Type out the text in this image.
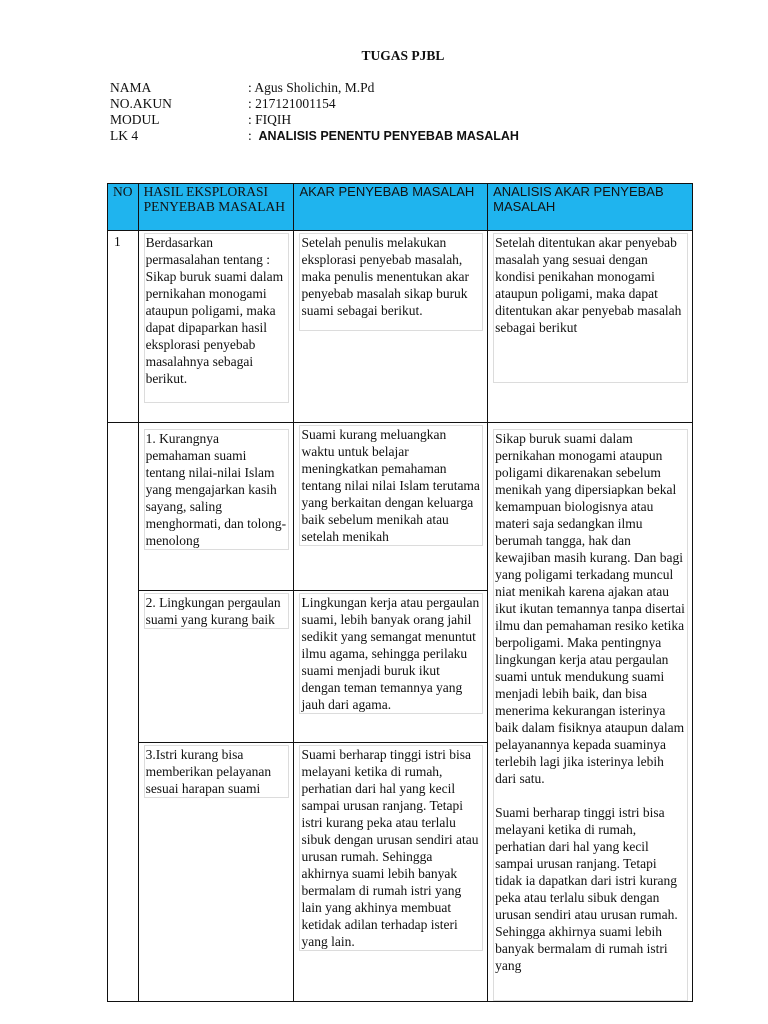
TUGAS PJBL
NAMA	: Agus Sholichin, M.Pd
NO.AKUN	: 217121001154
MODUL	: FIQIH
LK 4	: ANALISIS PENENTU PENYEBAB MASALAH
NO	HASIL EKSPLORASI PENYEBAB MASALAH	AKAR PENYEBAB MASALAH	ANALISIS AKAR PENYEBAB MASALAH

1	Berdasarkan permasalahan tentang : Sikap buruk suami dalam pernikahan monogami ataupun poligami, maka dapat dipaparkan hasil eksplorasi penyebab masalahnya sebagai berikut.	Setelah penulis melakukan eksplorasi penyebab masalah, maka penulis menentukan akar penyebab masalah sikap buruk suami sebagai berikut.	Setelah ditentukan akar penyebab masalah yang sesuai dengan kondisi penikahan monogami ataupun poligami, maka dapat ditentukan akar penyebab masalah sebagai berikut

	1. Kurangnya pemahaman suami tentang nilai-nilai Islam yang mengajarkan kasih sayang, saling menghormati, dan tolong-menolong	Suami kurang meluangkan waktu untuk belajar meningkatkan pemahaman tentang nilai nilai Islam terutama yang berkaitan dengan keluarga baik sebelum menikah atau setelah menikah	Sikap buruk suami dalam pernikahan monogami ataupun poligami dikarenakan sebelum menikah yang dipersiapkan bekal kemampuan biologisnya atau materi saja sedangkan ilmu berumah tangga, hak dan kewajiban masih kurang. Dan bagi yang poligami terkadang muncul niat menikah karena ajakan atau ikut ikutan temannya tanpa disertai ilmu dan pemahaman resiko ketika berpoligami. Maka pentingnya lingkungan kerja atau pergaulan suami untuk mendukung suami menjadi lebih baik, dan bisa menerima kekurangan isterinya baik dalam fisiknya ataupun dalam pelayanannya kepada suaminya terlebih lagi jika isterinya lebih dari satu.
Suami berharap tinggi istri bisa melayani ketika di rumah, perhatian dari hal yang kecil sampai urusan ranjang. Tetapi tidak ia dapatkan dari istri kurang peka atau terlalu sibuk dengan urusan sendiri atau urusan rumah. Sehingga akhirnya suami lebih banyak bermalam di rumah istri yang

	2. Lingkungan pergaulan suami yang kurang baik	Lingkungan kerja atau pergaulan suami, lebih banyak orang jahil sedikit yang semangat menuntut ilmu agama, sehingga perilaku suami menjadi buruk ikut dengan teman temannya yang jauh dari agama.	

	3.Istri kurang bisa memberikan pelayanan sesuai harapan suami	Suami berharap tinggi istri bisa melayani ketika di rumah, perhatian dari hal yang kecil sampai urusan ranjang. Tetapi istri kurang peka atau terlalu sibuk dengan urusan sendiri atau urusan rumah. Sehingga akhirnya suami lebih banyak bermalam di rumah istri yang lain yang akhinya membuat ketidak adilan terhadap isteri yang lain.	
